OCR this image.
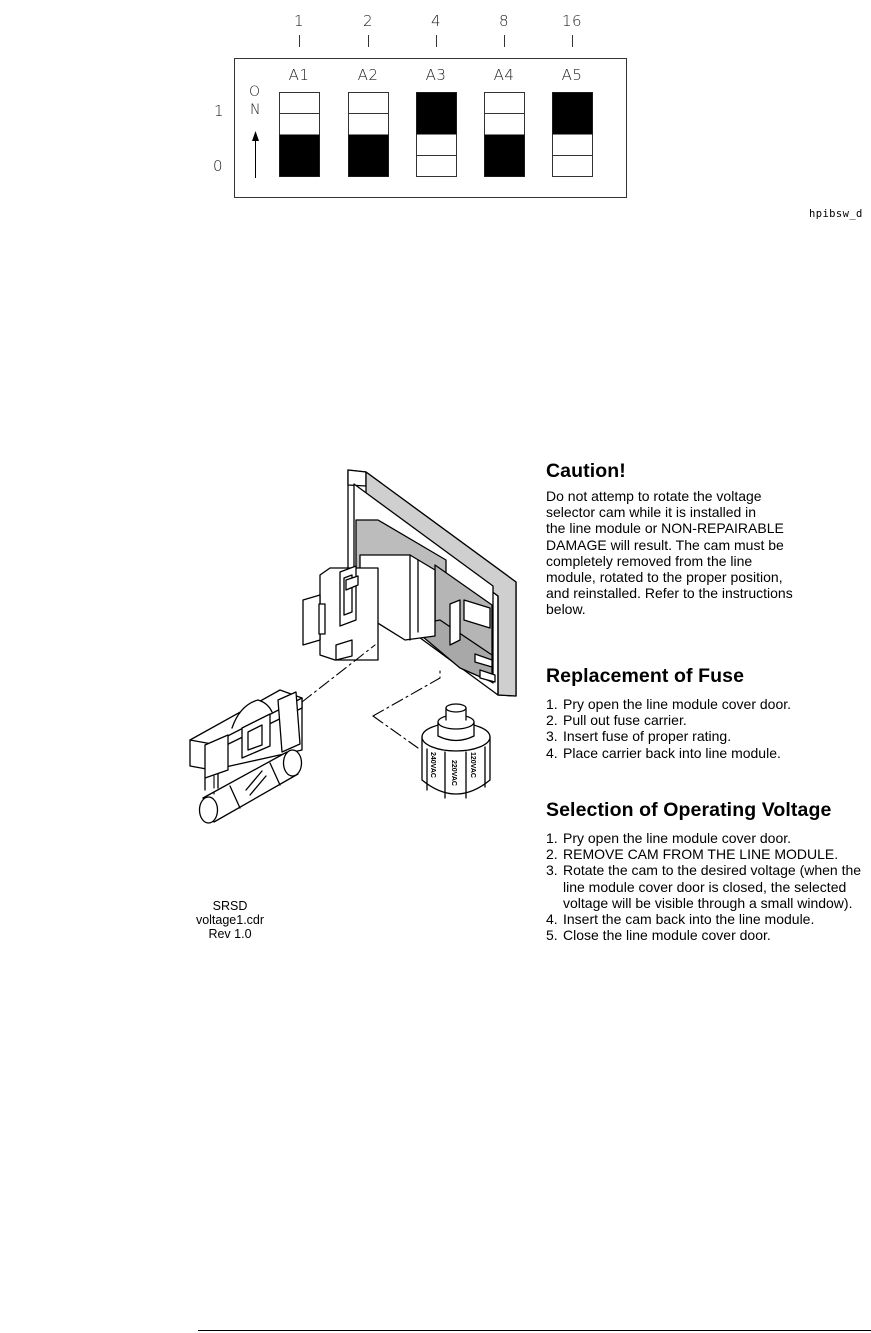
O
N
1
0
1	2	4	8	16
A1	A2	A3	A4	A5
hpibsw_d
240VAC 220VAC 120VAC
SRSD
voltage1.cdr
Rev 1.0
Caution!

Do not attemp to rotate the voltage
selector cam while it is installed in
the line module or NON-REPAIRABLE
DAMAGE will result. The cam must be
completely removed from the line
module, rotated to the proper position,
and reinstalled. Refer to the instructions
below.

Replacement of Fuse
1. Pry open the line module cover door.
2. Pull out fuse carrier.
3. Insert fuse of proper rating.
4. Place carrier back into line module.
Selection of Operating Voltage
1. Pry open the line module cover door.
2. REMOVE CAM FROM THE LINE MODULE.
3. Rotate the cam to the desired voltage (when the line module cover door is closed, the selected voltage will be visible through a small window).
4. Insert the cam back into the line module.
5. Close the line module cover door.
